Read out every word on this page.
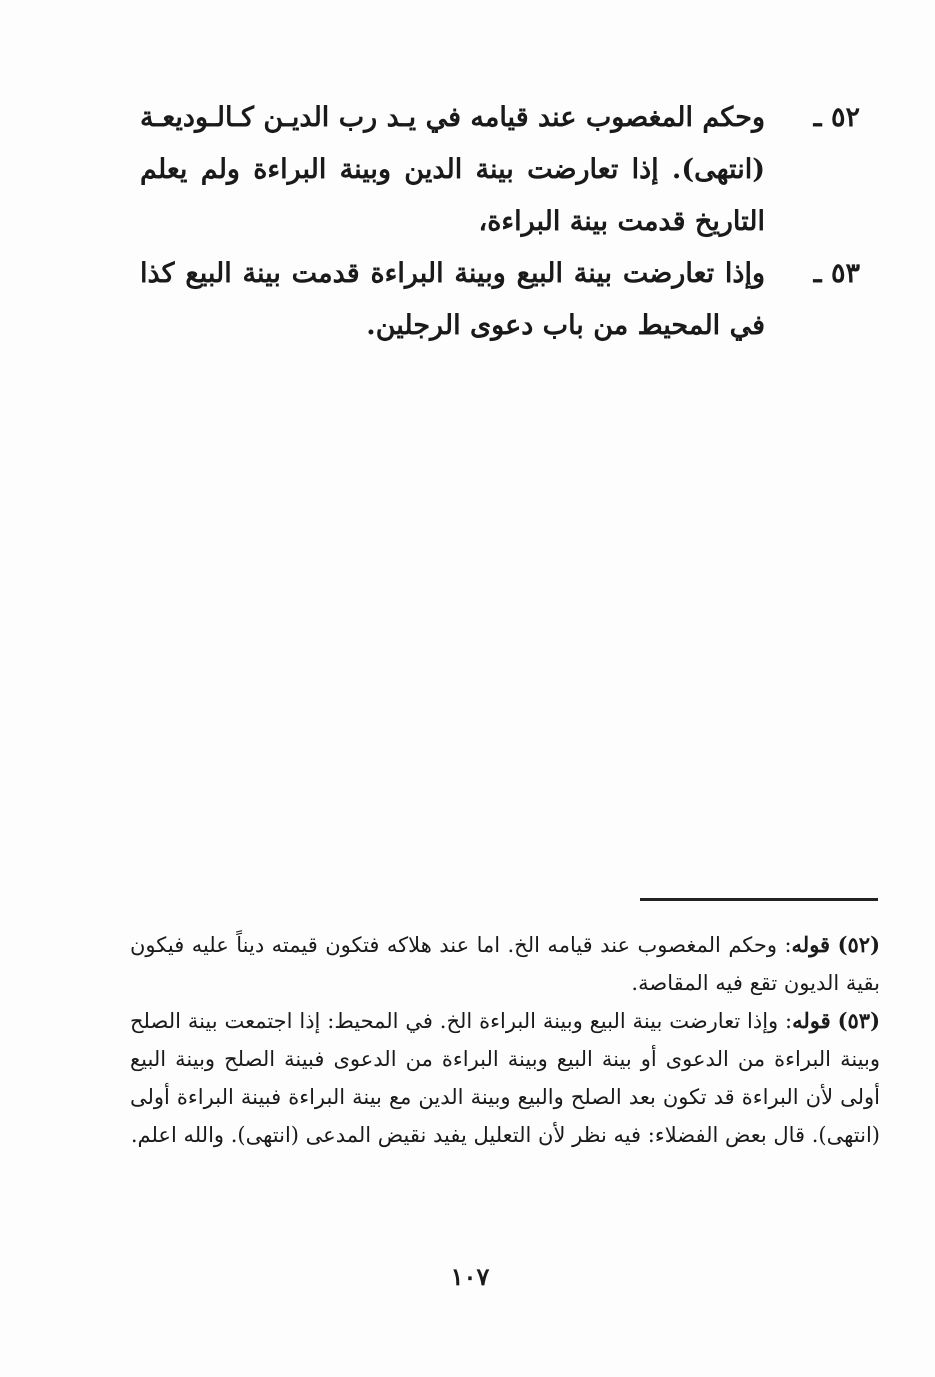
٥٢ ـ
وحكم المغصوب عند قيامه في يـد رب الديـن كـالـوديعـة (انتهى). إذا تعارضت بينة الدين وبينة البراءة ولم يعلم التاريخ قدمت بينة البراءة،
٥٣ ـ
وإذا تعارضت بينة البيع وبينة البراءة قدمت بينة البيع كذا في المحيط من باب دعوى الرجلين.
(٥٢) قوله: وحكم المغصوب عند قيامه الخ. اما عند هلاكه فتكون قيمته ديناً عليه فيكون بقية الديون تقع فيه المقاصة.
(٥٣) قوله: وإذا تعارضت بينة البيع وبينة البراءة الخ. في المحيط: إذا اجتمعت بينة الصلح وبينة البراءة من الدعوى أو بينة البيع وبينة البراءة من الدعوى فبينة الصلح وبينة البيع أولى لأن البراءة قد تكون بعد الصلح والبيع وبينة الدين مع بينة البراءة فبينة البراءة أولى (انتهى). قال بعض الفضلاء: فيه نظر لأن التعليل يفيد نقيض المدعى (انتهى). والله اعلم.
١٠٧
